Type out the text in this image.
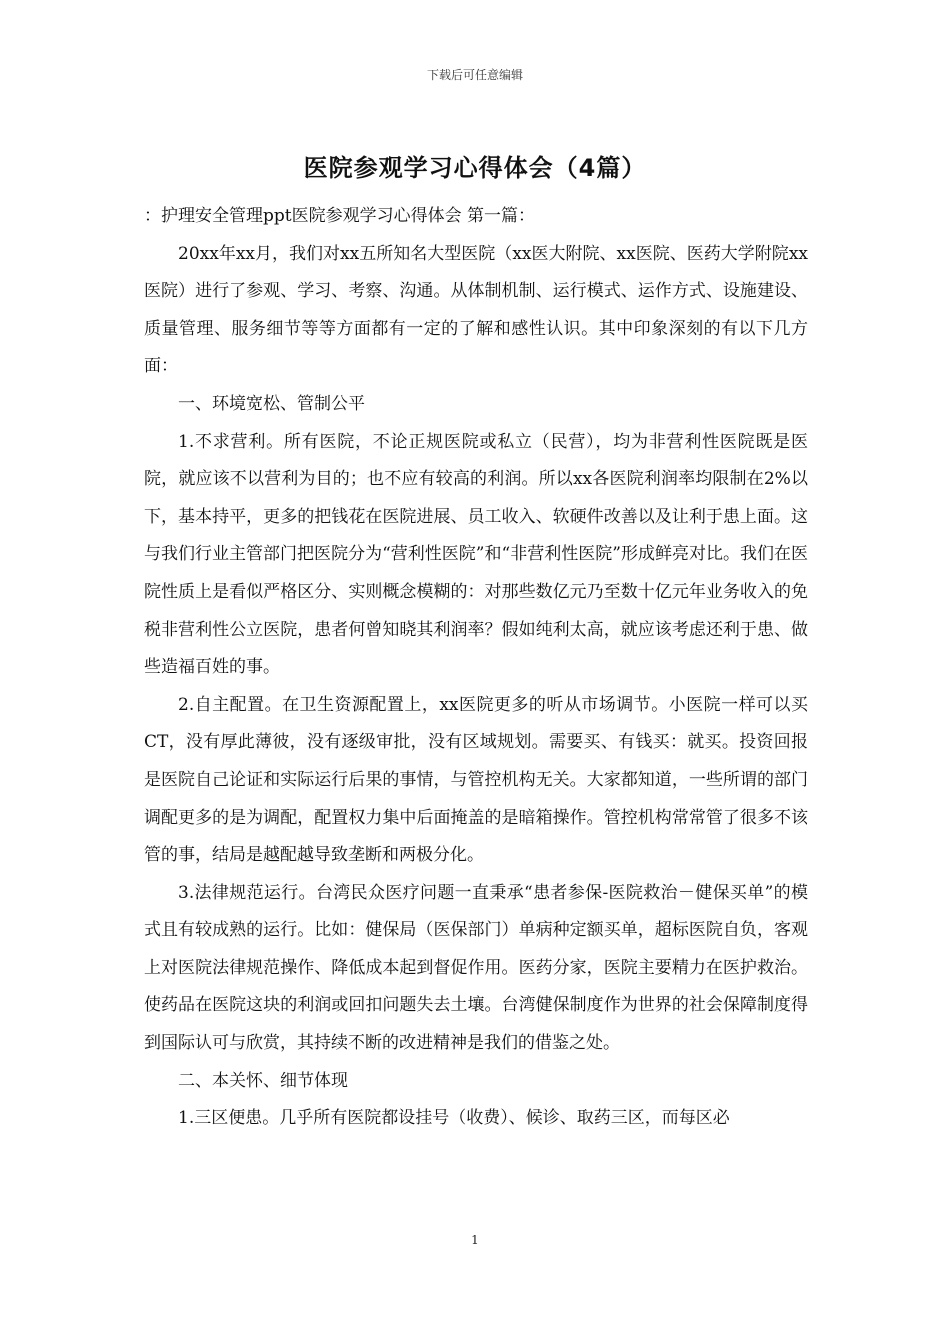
下载后可任意编辑
医院参观学习心得体会（4篇）

：护理安全管理ppt医院参观学习心得体会 第一篇：

20xx年xx月，我们对xx五所知名大型医院（xx医大附院、xx医院、医药大学附院xx医院）进行了参观、学习、考察、沟通。从体制机制、运行模式、运作方式、设施建设、质量管理、服务细节等等方面都有一定的了解和感性认识。其中印象深刻的有以下几方面：

一、环境宽松、管制公平

1.不求营利。所有医院，不论正规医院或私立（民营），均为非营利性医院既是医院，就应该不以营利为目的；也不应有较高的利润。所以xx各医院利润率均限制在2%以下，基本持平，更多的把钱花在医院进展、员工收入、软硬件改善以及让利于患上面。这与我们行业主管部门把医院分为“营利性医院”和“非营利性医院”形成鲜亮对比。我们在医院性质上是看似严格区分、实则概念模糊的：对那些数亿元乃至数十亿元年业务收入的免税非营利性公立医院，患者何曾知晓其利润率？假如纯利太高，就应该考虑还利于患、做些造福百姓的事。

2.自主配置。在卫生资源配置上，xx医院更多的听从市场调节。小医院一样可以买CT，没有厚此薄彼，没有逐级审批，没有区域规划。需要买、有钱买：就买。投资回报是医院自己论证和实际运行后果的事情，与管控机构无关。大家都知道，一些所谓的部门调配更多的是为调配，配置权力集中后面掩盖的是暗箱操作。管控机构常常管了很多不该管的事，结局是越配越导致垄断和两极分化。

3.法律规范运行。台湾民众医疗问题一直秉承“患者参保-医院救治－健保买单”的模式且有较成熟的运行。比如：健保局（医保部门）单病种定额买单，超标医院自负，客观上对医院法律规范操作、降低成本起到督促作用。医药分家，医院主要精力在医护救治。使药品在医院这块的利润或回扣问题失去土壤。台湾健保制度作为世界的社会保障制度得到国际认可与欣赏，其持续不断的改进精神是我们的借鉴之处。

二、本关怀、细节体现

1.三区便患。几乎所有医院都设挂号（收费）、候诊、取药三区，而每区必

1
